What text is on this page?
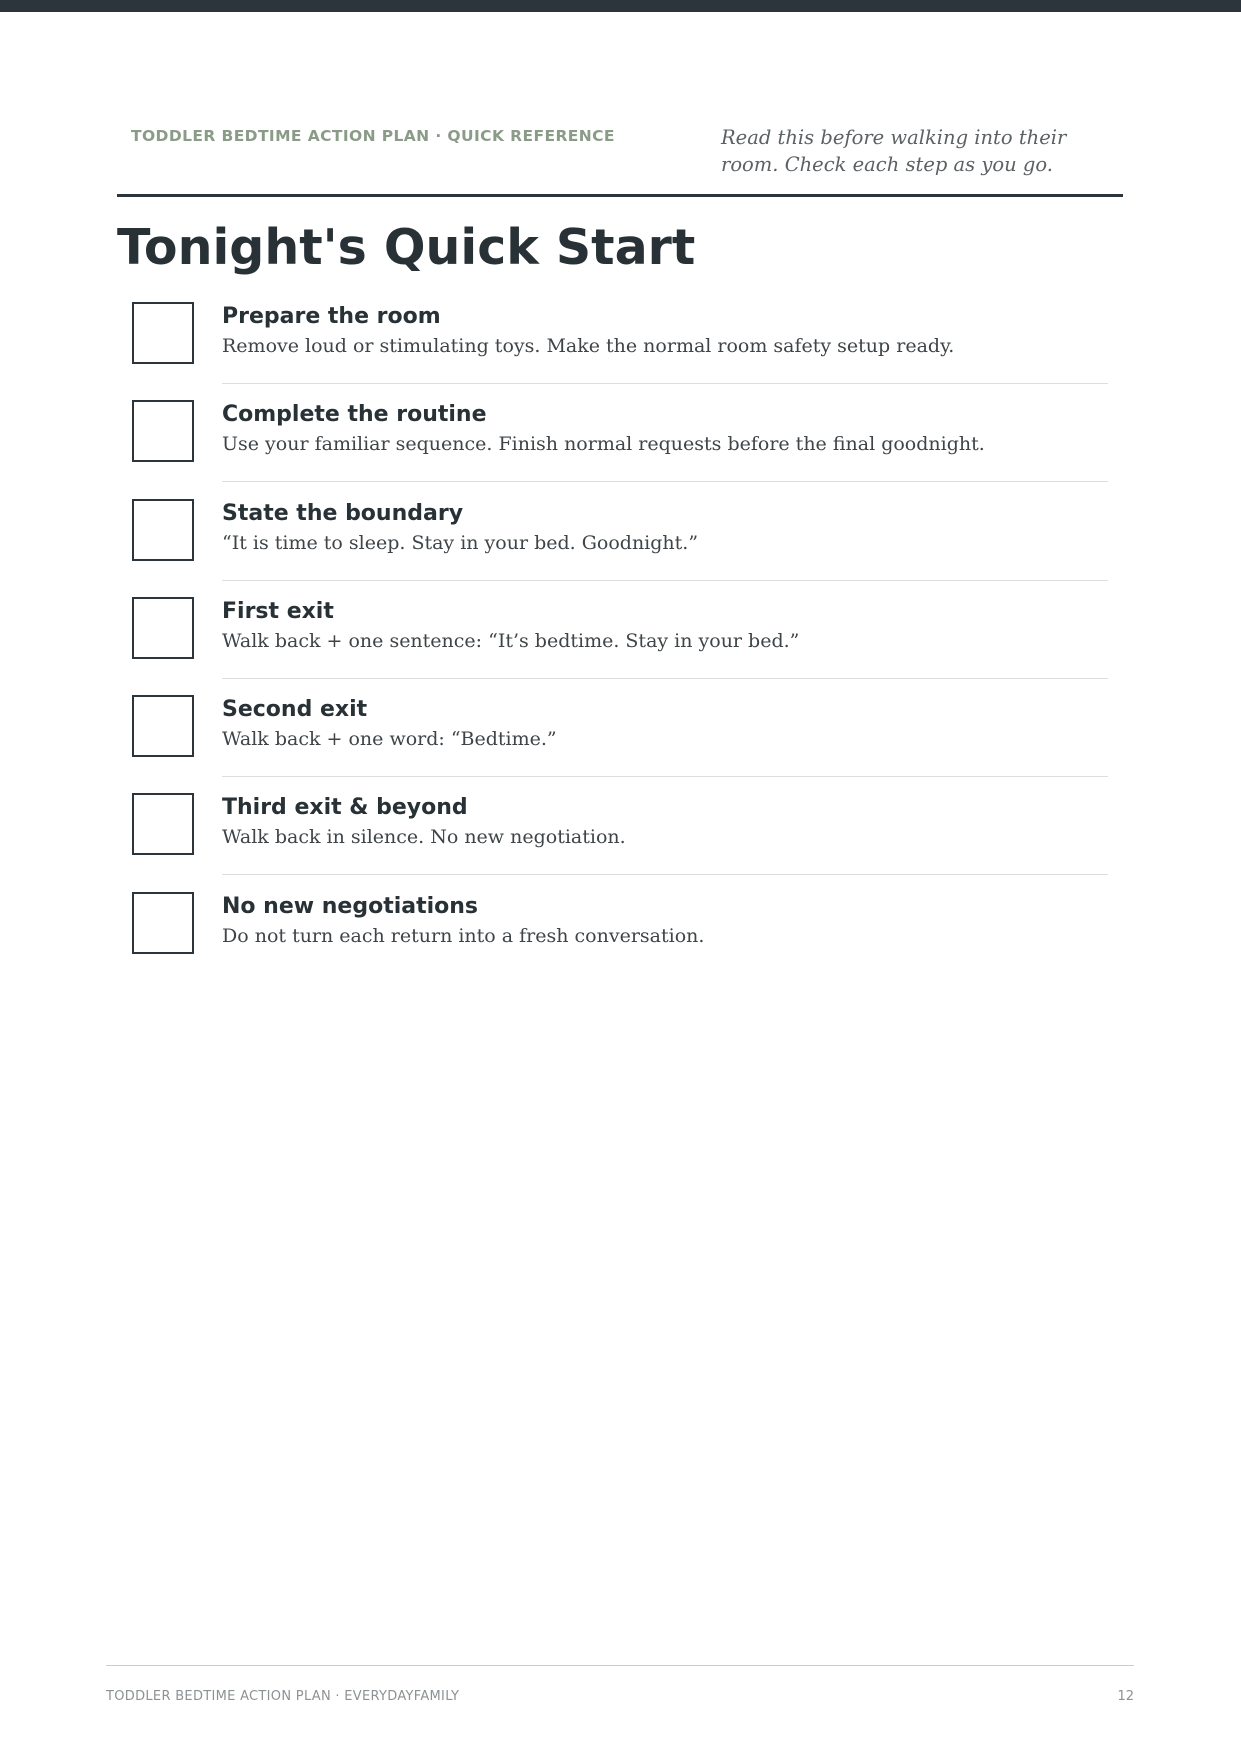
TODDLER BEDTIME ACTION PLAN · QUICK REFERENCE	Read this before walking into their room. Check each step as you go.
Tonight's Quick Start
Prepare the room
Remove loud or stimulating toys. Make the normal room safety setup ready.
Complete the routine
Use your familiar sequence. Finish normal requests before the final goodnight.
State the boundary
“It is time to sleep. Stay in your bed. Goodnight.”
First exit
Walk back + one sentence: “It’s bedtime. Stay in your bed.”
Second exit
Walk back + one word: “Bedtime.”
Third exit & beyond
Walk back in silence. No new negotiation.
No new negotiations
Do not turn each return into a fresh conversation.
TODDLER BEDTIME ACTION PLAN · EVERYDAYFAMILY	12
